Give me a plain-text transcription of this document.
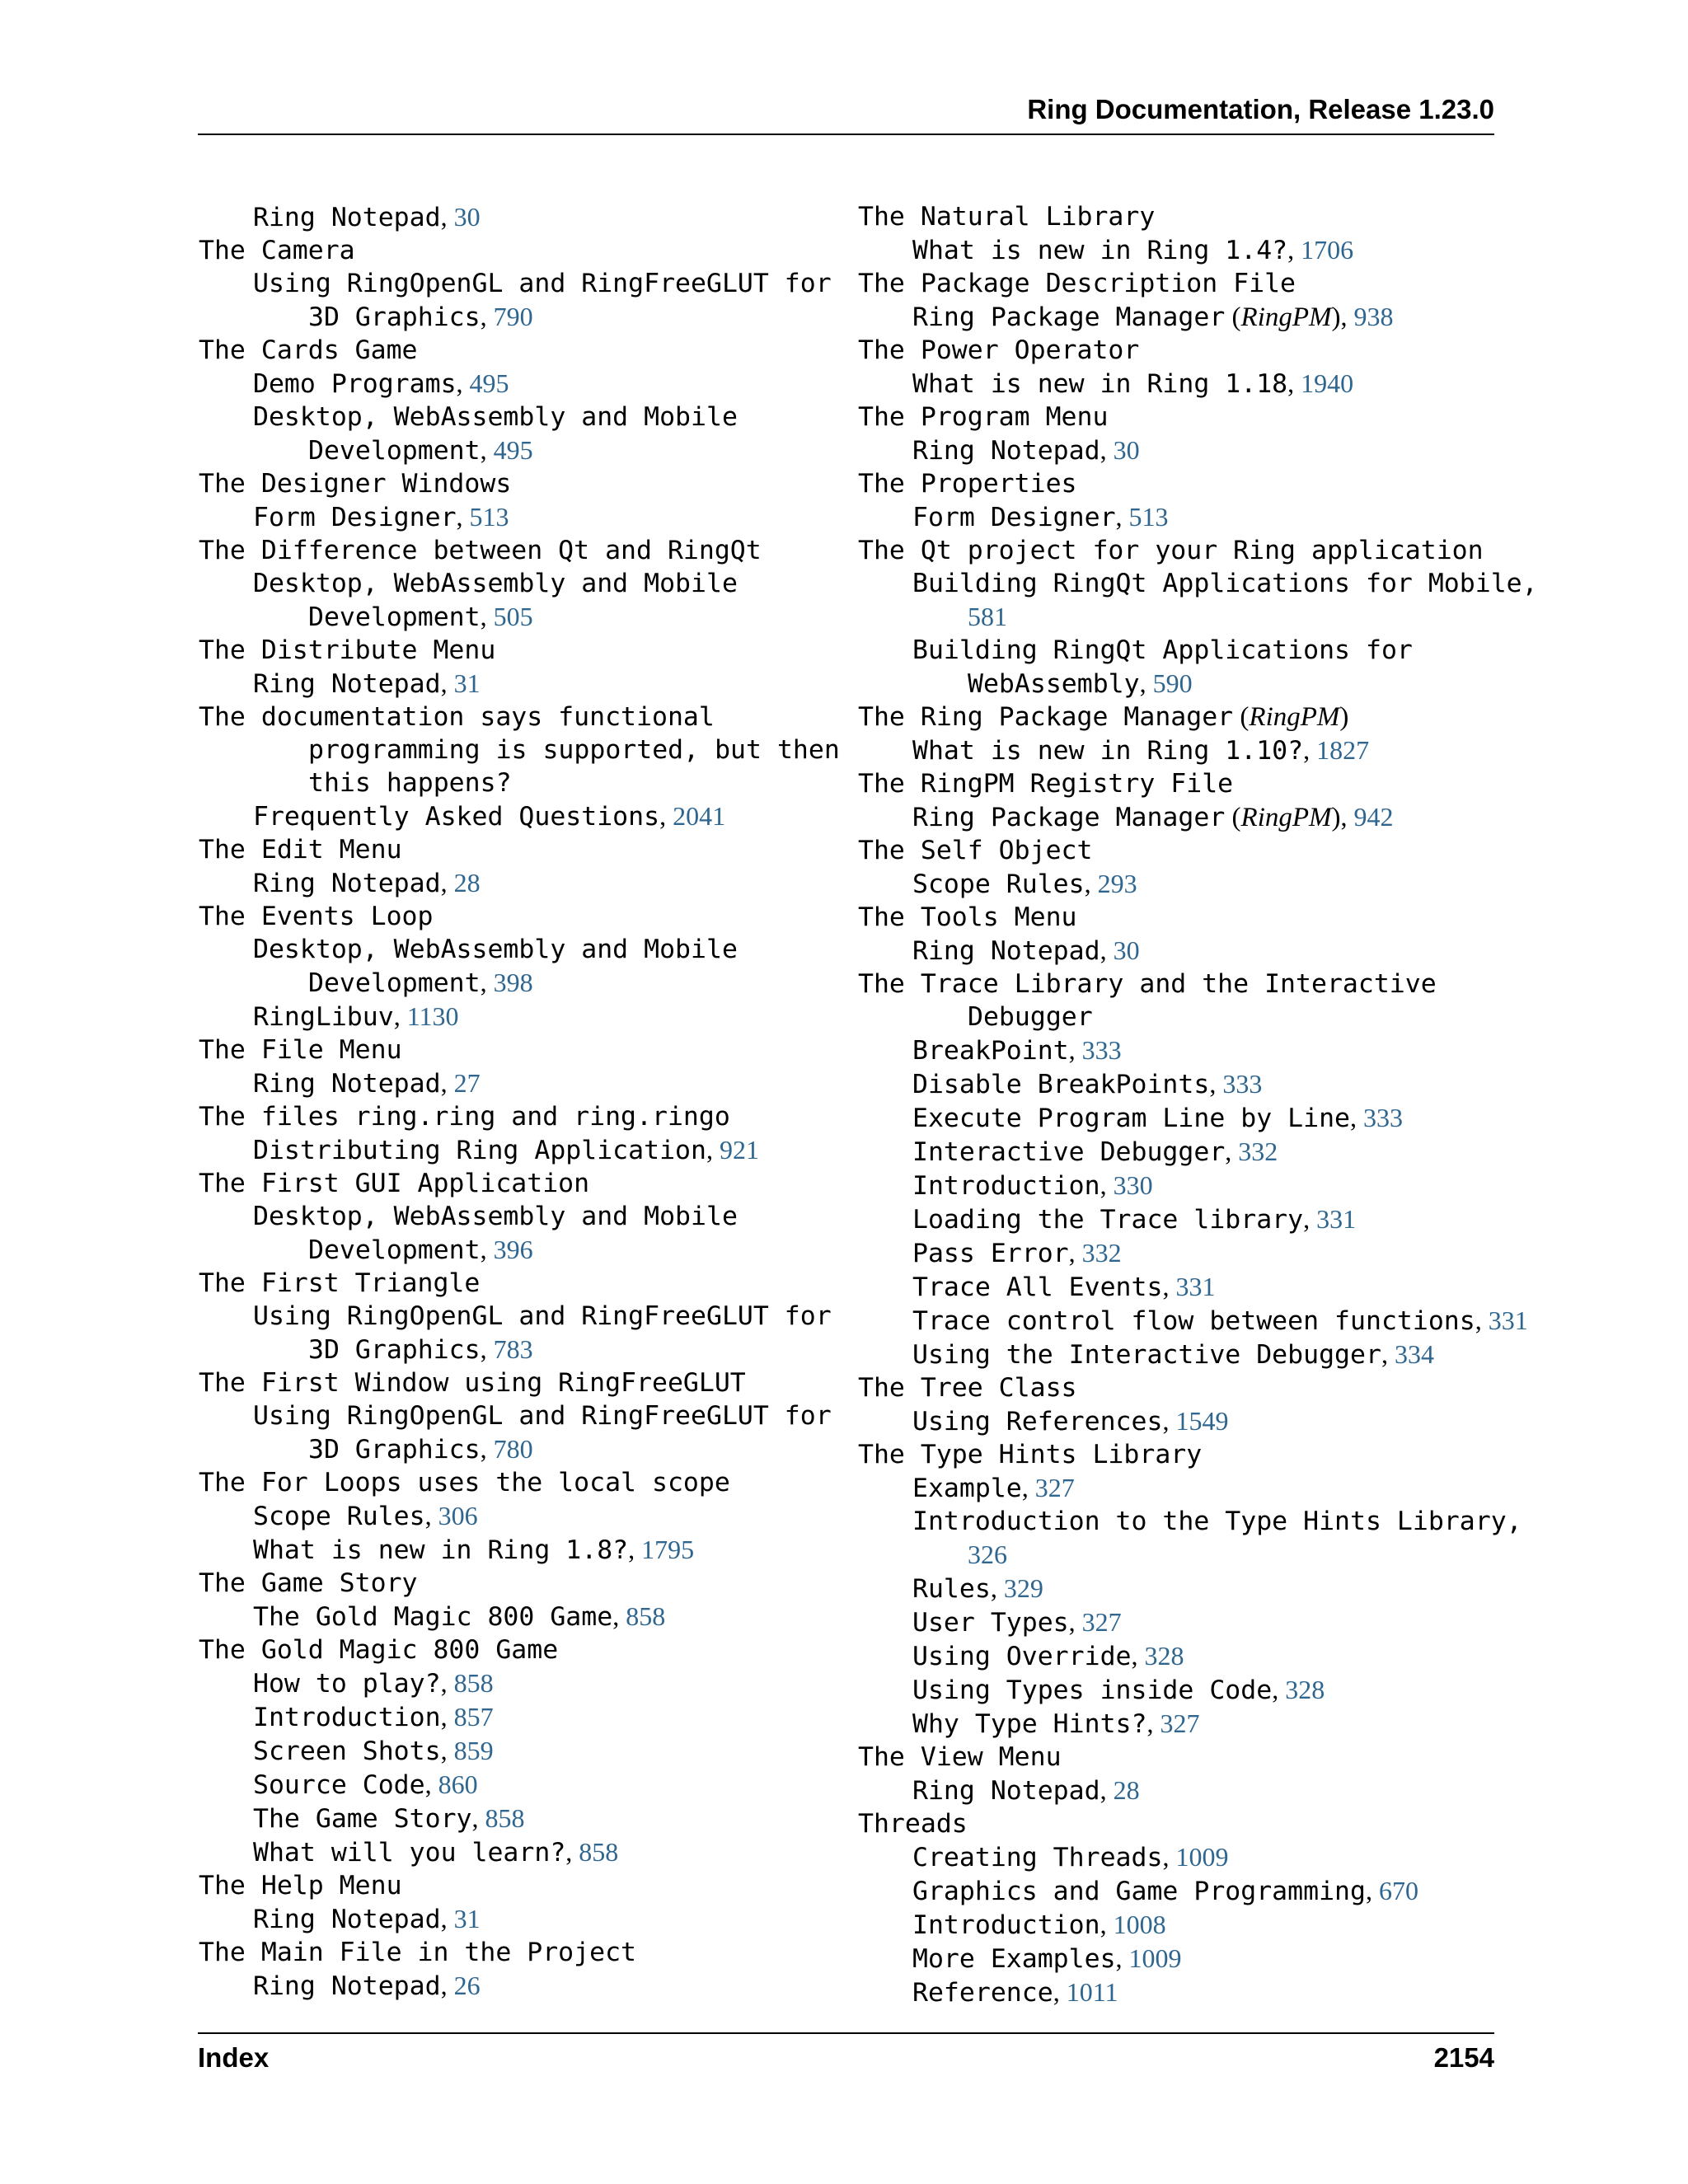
Ring Documentation, Release 1.23.0
Ring Notepad, 30
The Camera
Using RingOpenGL and RingFreeGLUT for
3D Graphics, 790
The Cards Game
Demo Programs, 495
Desktop, WebAssembly and Mobile
Development, 495
The Designer Windows
Form Designer, 513
The Difference between Qt and RingQt
Desktop, WebAssembly and Mobile
Development, 505
The Distribute Menu
Ring Notepad, 31
The documentation says functional
programming is supported, but then
this happens?
Frequently Asked Questions, 2041
The Edit Menu
Ring Notepad, 28
The Events Loop
Desktop, WebAssembly and Mobile
Development, 398
RingLibuv, 1130
The File Menu
Ring Notepad, 27
The files ring.ring and ring.ringo
Distributing Ring Application, 921
The First GUI Application
Desktop, WebAssembly and Mobile
Development, 396
The First Triangle
Using RingOpenGL and RingFreeGLUT for
3D Graphics, 783
The First Window using RingFreeGLUT
Using RingOpenGL and RingFreeGLUT for
3D Graphics, 780
The For Loops uses the local scope
Scope Rules, 306
What is new in Ring 1.8?, 1795
The Game Story
The Gold Magic 800 Game, 858
The Gold Magic 800 Game
How to play?, 858
Introduction, 857
Screen Shots, 859
Source Code, 860
The Game Story, 858
What will you learn?, 858
The Help Menu
Ring Notepad, 31
The Main File in the Project
Ring Notepad, 26
The Natural Library
What is new in Ring 1.4?, 1706
The Package Description File
Ring Package Manager (RingPM), 938
The Power Operator
What is new in Ring 1.18, 1940
The Program Menu
Ring Notepad, 30
The Properties
Form Designer, 513
The Qt project for your Ring application
Building RingQt Applications for Mobile,
581
Building RingQt Applications for
WebAssembly, 590
The Ring Package Manager (RingPM)
What is new in Ring 1.10?, 1827
The RingPM Registry File
Ring Package Manager (RingPM), 942
The Self Object
Scope Rules, 293
The Tools Menu
Ring Notepad, 30
The Trace Library and the Interactive
Debugger
BreakPoint, 333
Disable BreakPoints, 333
Execute Program Line by Line, 333
Interactive Debugger, 332
Introduction, 330
Loading the Trace library, 331
Pass Error, 332
Trace All Events, 331
Trace control flow between functions, 331
Using the Interactive Debugger, 334
The Tree Class
Using References, 1549
The Type Hints Library
Example, 327
Introduction to the Type Hints Library,
326
Rules, 329
User Types, 327
Using Override, 328
Using Types inside Code, 328
Why Type Hints?, 327
The View Menu
Ring Notepad, 28
Threads
Creating Threads, 1009
Graphics and Game Programming, 670
Introduction, 1008
More Examples, 1009
Reference, 1011
Index	2154
